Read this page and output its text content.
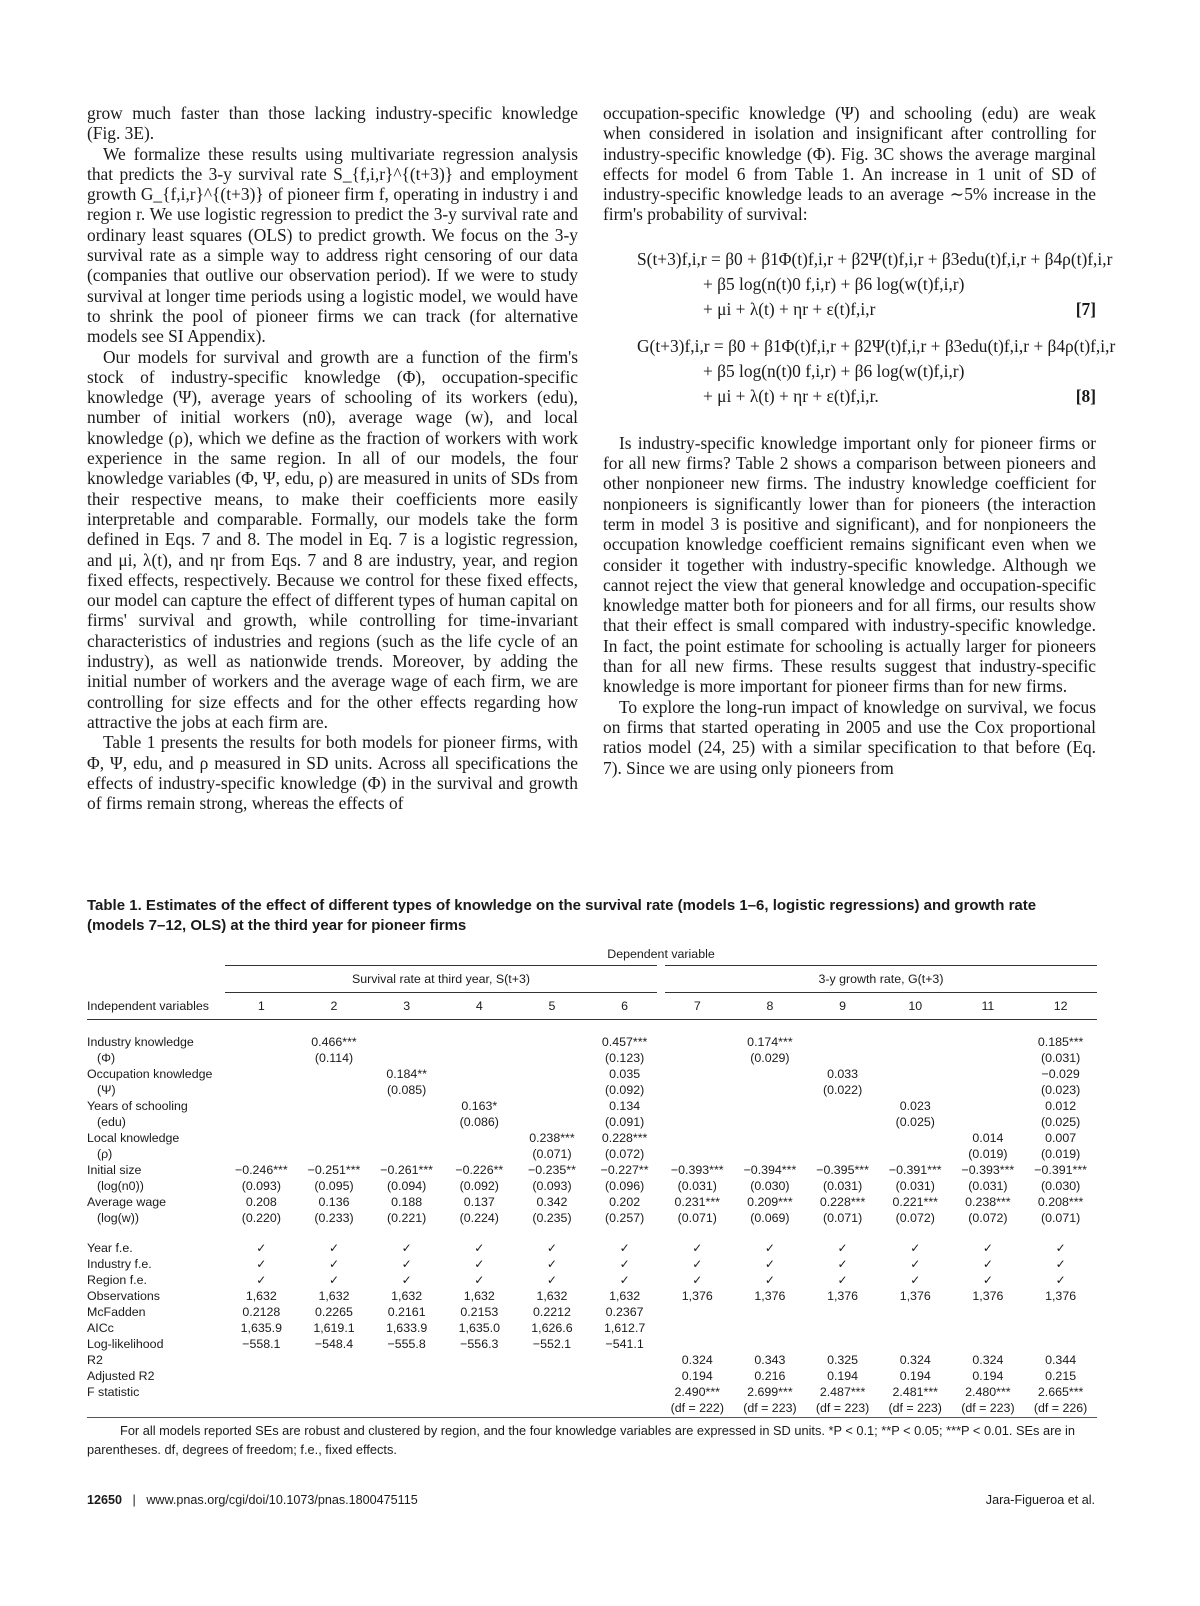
grow much faster than those lacking industry-specific knowledge (Fig. 3E).

We formalize these results using multivariate regression analysis that predicts the 3-y survival rate S_{f,i,r}^{(t+3)} and employment growth G_{f,i,r}^{(t+3)} of pioneer firm f, operating in industry i and region r. We use logistic regression to predict the 3-y survival rate and ordinary least squares (OLS) to predict growth. We focus on the 3-y survival rate as a simple way to address right censoring of our data (companies that outlive our observation period). If we were to study survival at longer time periods using a logistic model, we would have to shrink the pool of pioneer firms we can track (for alternative models see SI Appendix).

Our models for survival and growth are a function of the firm's stock of industry-specific knowledge (Φ), occupation-specific knowledge (Ψ), average years of schooling of its workers (edu), number of initial workers (n0), average wage (w), and local knowledge (ρ), which we define as the fraction of workers with work experience in the same region. In all of our models, the four knowledge variables (Φ, Ψ, edu, ρ) are measured in units of SDs from their respective means, to make their coefficients more easily interpretable and comparable. Formally, our models take the form defined in Eqs. 7 and 8. The model in Eq. 7 is a logistic regression, and μi, λ(t), and ηr from Eqs. 7 and 8 are industry, year, and region fixed effects, respectively. Because we control for these fixed effects, our model can capture the effect of different types of human capital on firms' survival and growth, while controlling for time-invariant characteristics of industries and regions (such as the life cycle of an industry), as well as nationwide trends. Moreover, by adding the initial number of workers and the average wage of each firm, we are controlling for size effects and for the other effects regarding how attractive the jobs at each firm are.

Table 1 presents the results for both models for pioneer firms, with Φ, Ψ, edu, and ρ measured in SD units. Across all specifications the effects of industry-specific knowledge (Φ) in the survival and growth of firms remain strong, whereas the effects of

occupation-specific knowledge (Ψ) and schooling (edu) are weak when considered in isolation and insignificant after controlling for industry-specific knowledge (Φ). Fig. 3C shows the average marginal effects for model 6 from Table 1. An increase in 1 unit of SD of industry-specific knowledge leads to an average ∼5% increase in the firm's probability of survival:

S(t+3)f,i,r = β0 + β1Φ(t)f,i,r + β2Ψ(t)f,i,r + β3edu(t)f,i,r + β4ρ(t)f,i,r
+ β5 log(n(t)0 f,i,r) + β6 log(w(t)f,i,r)
+ μi + λ(t) + ηr + ε(t)f,i,r	[7]
G(t+3)f,i,r = β0 + β1Φ(t)f,i,r + β2Ψ(t)f,i,r + β3edu(t)f,i,r + β4ρ(t)f,i,r
+ β5 log(n(t)0 f,i,r) + β6 log(w(t)f,i,r)
+ μi + λ(t) + ηr + ε(t)f,i,r.	[8]

Is industry-specific knowledge important only for pioneer firms or for all new firms? Table 2 shows a comparison between pioneers and other nonpioneer new firms. The industry knowledge coefficient for nonpioneers is significantly lower than for pioneers (the interaction term in model 3 is positive and significant), and for nonpioneers the occupation knowledge coefficient remains significant even when we consider it together with industry-specific knowledge. Although we cannot reject the view that general knowledge and occupation-specific knowledge matter both for pioneers and for all firms, our results show that their effect is small compared with industry-specific knowledge. In fact, the point estimate for schooling is actually larger for pioneers than for all new firms. These results suggest that industry-specific knowledge is more important for pioneer firms than for new firms.

To explore the long-run impact of knowledge on survival, we focus on firms that started operating in 2005 and use the Cox proportional ratios model (24, 25) with a similar specification to that before (Eq. 7). Since we are using only pioneers from

Table 1. Estimates of the effect of different types of knowledge on the survival rate (models 1–6, logistic regressions) and growth rate (models 7–12, OLS) at the third year for pioneer firms
	Dependent variable											
	Survival rate at third year, S(t+3)						3-y growth rate, G(t+3)					
Independent variables	1	2	3	4	5	6	7	8	9	10	11	12

Industry knowledge		0.466***				0.457***		0.174***				0.185***
(Φ)		(0.114)				(0.123)		(0.029)				(0.031)
Occupation knowledge			0.184**			0.035			0.033			−0.029
(Ψ)			(0.085)			(0.092)			(0.022)			(0.023)
Years of schooling				0.163*		0.134				0.023		0.012
(edu)				(0.086)		(0.091)				(0.025)		(0.025)
Local knowledge					0.238***	0.228***					0.014	0.007
(ρ)					(0.071)	(0.072)					(0.019)	(0.019)
Initial size	−0.246***	−0.251***	−0.261***	−0.226**	−0.235**	−0.227**	−0.393***	−0.394***	−0.395***	−0.391***	−0.393***	−0.391***
(log(n0))	(0.093)	(0.095)	(0.094)	(0.092)	(0.093)	(0.096)	(0.031)	(0.030)	(0.031)	(0.031)	(0.031)	(0.030)
Average wage	0.208	0.136	0.188	0.137	0.342	0.202	0.231***	0.209***	0.228***	0.221***	0.238***	0.208***
(log(w))	(0.220)	(0.233)	(0.221)	(0.224)	(0.235)	(0.257)	(0.071)	(0.069)	(0.071)	(0.072)	(0.072)	(0.071)

Year f.e.	✓	✓	✓	✓	✓	✓	✓	✓	✓	✓	✓	✓
Industry f.e.	✓	✓	✓	✓	✓	✓	✓	✓	✓	✓	✓	✓
Region f.e.	✓	✓	✓	✓	✓	✓	✓	✓	✓	✓	✓	✓
Observations	1,632	1,632	1,632	1,632	1,632	1,632	1,376	1,376	1,376	1,376	1,376	1,376
McFadden	0.2128	0.2265	0.2161	0.2153	0.2212	0.2367						
AICc	1,635.9	1,619.1	1,633.9	1,635.0	1,626.6	1,612.7						
Log-likelihood	−558.1	−548.4	−555.8	−556.3	−552.1	−541.1						
R2							0.324	0.343	0.325	0.324	0.324	0.344
Adjusted R2							0.194	0.216	0.194	0.194	0.194	0.215
F statistic							2.490***	2.699***	2.487***	2.481***	2.480***	2.665***
							(df = 222)	(df = 223)	(df = 223)	(df = 223)	(df = 223)	(df = 226)
For all models reported SEs are robust and clustered by region, and the four knowledge variables are expressed in SD units. *P < 0.1; **P < 0.05; ***P < 0.01. SEs are in parentheses. df, degrees of freedom; f.e., fixed effects.
12650 | www.pnas.org/cgi/doi/10.1073/pnas.1800475115	Jara-Figueroa et al.
